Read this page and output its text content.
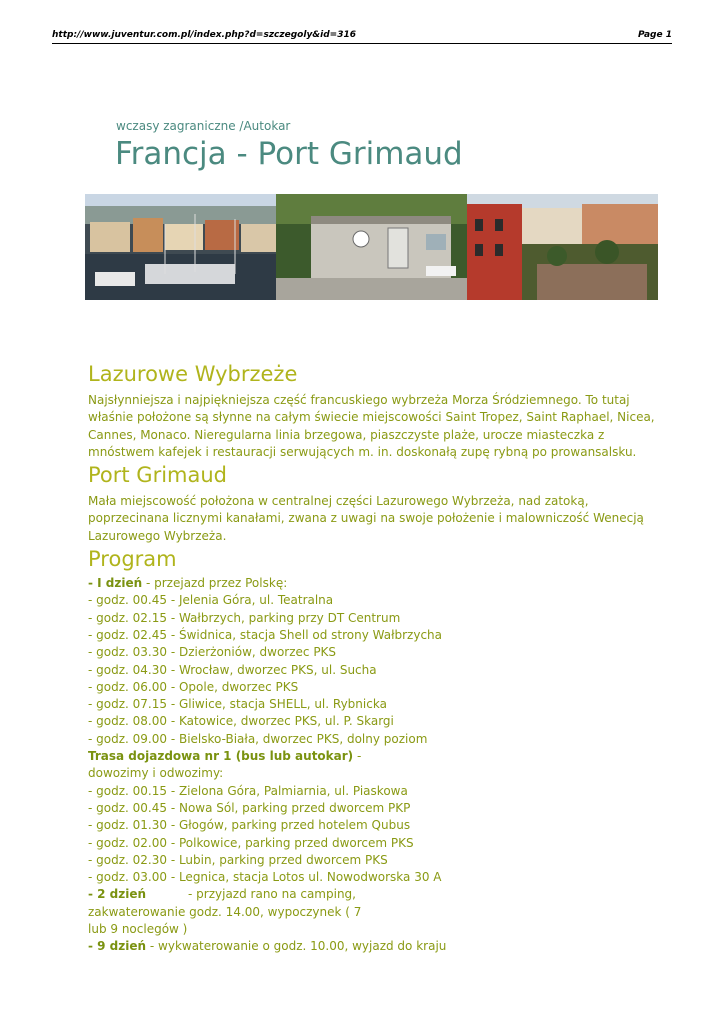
http://www.juventur.com.pl/index.php?d=szczegoly&id=316	Page 1
wczasy zagraniczne /Autokar
Francja - Port Grimaud
Lazurowe Wybrzeże

Najsłynniejsza i najpiękniejsza część francuskiego wybrzeża Morza Śródziemnego. To tutaj właśnie położone są słynne na całym świecie miejscowości Saint Tropez, Saint Raphael, Nicea, Cannes, Monaco. Nieregularna linia brzegowa, piaszczyste plaże, urocze miasteczka z mnóstwem kafejek i restauracji serwujących m. in. doskonałą zupę rybną po prowansalsku.

Port Grimaud

Mała miejscowość położona w centralnej części Lazurowego Wybrzeża, nad zatoką, poprzecinana licznymi kanałami, zwana z uwagi na swoje położenie i malowniczość Wenecją Lazurowego Wybrzeża.

Program
- I dzień - przejazd przez Polskę:
- godz. 00.45 - Jelenia Góra, ul. Teatralna
- godz. 02.15 - Wałbrzych, parking przy DT Centrum
- godz. 02.45 - Świdnica, stacja Shell od strony Wałbrzycha
- godz. 03.30 - Dzierżoniów, dworzec PKS
- godz. 04.30 - Wrocław, dworzec PKS, ul. Sucha
- godz. 06.00 - Opole, dworzec PKS
- godz. 07.15 - Gliwice, stacja SHELL, ul. Rybnicka
- godz. 08.00 - Katowice, dworzec PKS, ul. P. Skargi
- godz. 09.00 - Bielsko-Biała, dworzec PKS, dolny poziom
Trasa dojazdowa nr 1 (bus lub autokar) - dowozimy i odwozimy:
- godz. 00.15 - Zielona Góra, Palmiarnia, ul. Piaskowa
- godz. 00.45 - Nowa Sól, parking przed dworcem PKP
- godz. 01.30 - Głogów, parking przed hotelem Qubus
- godz. 02.00 - Polkowice, parking przed dworcem PKS
- godz. 02.30 - Lubin, parking przed dworcem PKS
- godz. 03.00 - Legnica, stacja Lotos ul. Nowodworska 30 A
- 2 dzień           - przyjazd rano na camping, zakwaterowanie godz. 14.00, wypoczynek ( 7 lub 9 noclegów )
- 9 dzień - wykwaterowanie o godz. 10.00, wyjazd do kraju
